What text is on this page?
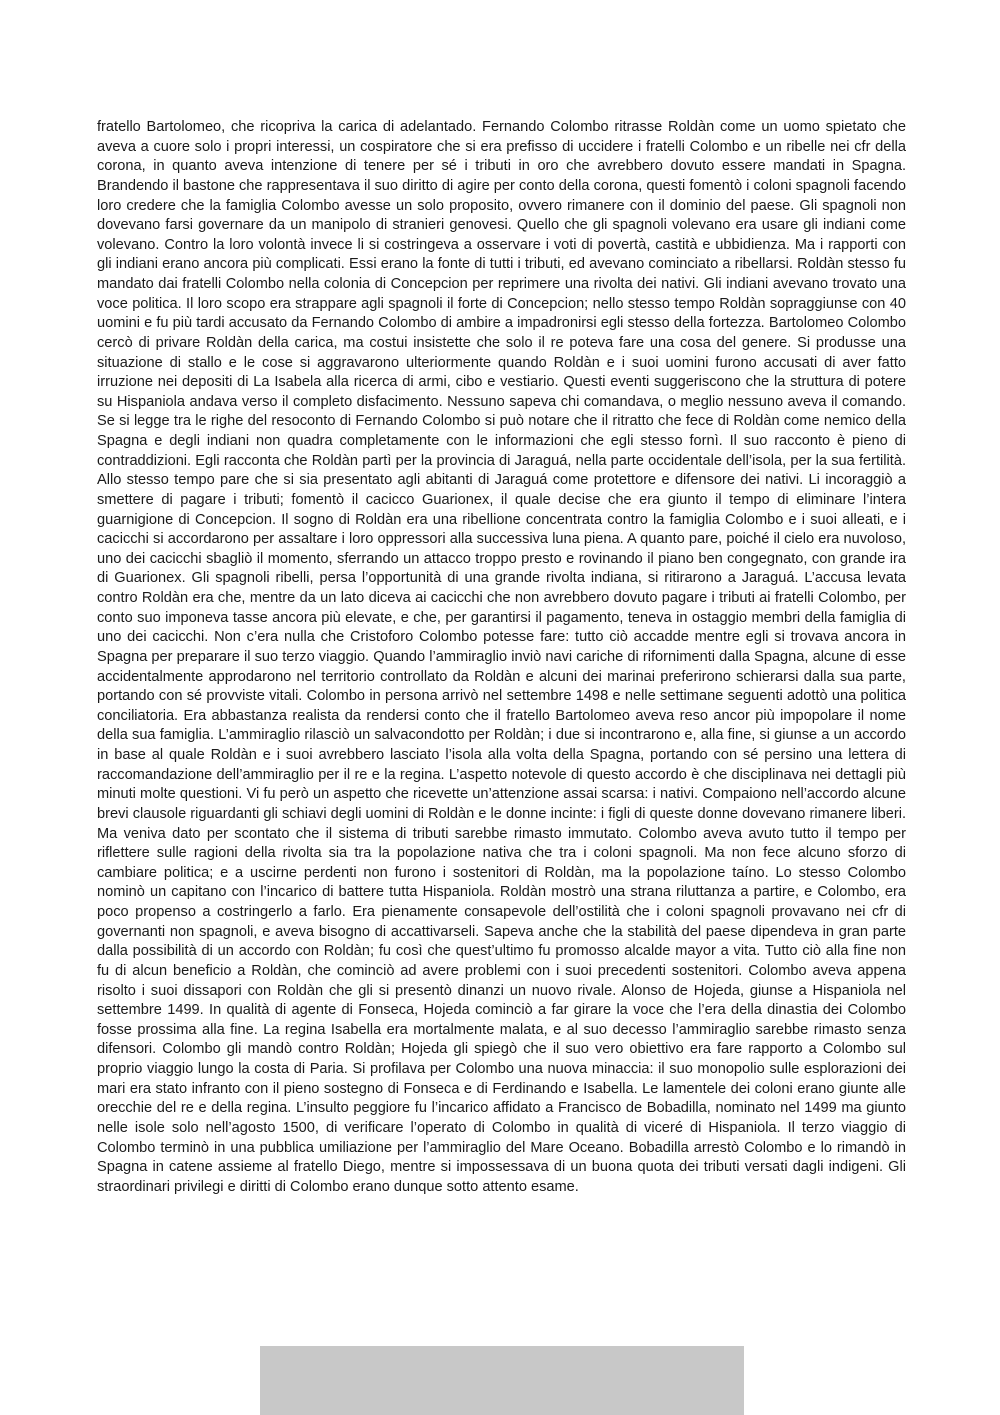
fratello Bartolomeo, che ricopriva la carica di adelantado. Fernando Colombo ritrasse Roldàn come un uomo spietato che aveva a cuore solo i propri interessi, un cospiratore che si era prefisso di uccidere i fratelli Colombo e un ribelle nei cfr della corona, in quanto aveva intenzione di tenere per sé i tributi in oro che avrebbero dovuto essere mandati in Spagna. Brandendo il bastone che rappresentava il suo diritto di agire per conto della corona, questi fomentò i coloni spagnoli facendo loro credere che la famiglia Colombo avesse un solo proposito, ovvero rimanere con il dominio del paese. Gli spagnoli non dovevano farsi governare da un manipolo di stranieri genovesi. Quello che gli spagnoli volevano era usare gli indiani come volevano. Contro la loro volontà invece li si costringeva a osservare i voti di povertà, castità e ubbidienza. Ma i rapporti con gli indiani erano ancora più complicati. Essi erano la fonte di tutti i tributi, ed avevano cominciato a ribellarsi. Roldàn stesso fu mandato dai fratelli Colombo nella colonia di Concepcion per reprimere una rivolta dei nativi. Gli indiani avevano trovato una voce politica. Il loro scopo era strappare agli spagnoli il forte di Concepcion; nello stesso tempo Roldàn sopraggiunse con 40 uomini e fu più tardi accusato da Fernando Colombo di ambire a impadronirsi egli stesso della fortezza. Bartolomeo Colombo cercò di privare Roldàn della carica, ma costui insistette che solo il re poteva fare una cosa del genere. Si produsse una situazione di stallo e le cose si aggravarono ulteriormente quando Roldàn e i suoi uomini furono accusati di aver fatto irruzione nei depositi di La Isabela alla ricerca di armi, cibo e vestiario. Questi eventi suggeriscono che la struttura di potere su Hispaniola andava verso il completo disfacimento. Nessuno sapeva chi comandava, o meglio nessuno aveva il comando. Se si legge tra le righe del resoconto di Fernando Colombo si può notare che il ritratto che fece di Roldàn come nemico della Spagna e degli indiani non quadra completamente con le informazioni che egli stesso fornì. Il suo racconto è pieno di contraddizioni. Egli racconta che Roldàn partì per la provincia di Jaraguá, nella parte occidentale dell’isola, per la sua fertilità. Allo stesso tempo pare che si sia presentato agli abitanti di Jaraguá come protettore e difensore dei nativi. Li incoraggiò a smettere di pagare i tributi; fomentò il cacicco Guarionex, il quale decise che era giunto il tempo di eliminare l’intera guarnigione di Concepcion. Il sogno di Roldàn era una ribellione concentrata contro la famiglia Colombo e i suoi alleati, e i cacicchi si accordarono per assaltare i loro oppressori alla successiva luna piena. A quanto pare, poiché il cielo era nuvoloso, uno dei cacicchi sbagliò il momento, sferrando un attacco troppo presto e rovinando il piano ben congegnato, con grande ira di Guarionex. Gli spagnoli ribelli, persa l’opportunità di una grande rivolta indiana, si ritirarono a Jaraguá. L’accusa levata contro Roldàn era che, mentre da un lato diceva ai cacicchi che non avrebbero dovuto pagare i tributi ai fratelli Colombo, per conto suo imponeva tasse ancora più elevate, e che, per garantirsi il pagamento, teneva in ostaggio membri della famiglia di uno dei cacicchi. Non c’era nulla che Cristoforo Colombo potesse fare: tutto ciò accadde mentre egli si trovava ancora in Spagna per preparare il suo terzo viaggio. Quando l’ammiraglio inviò navi cariche di rifornimenti dalla Spagna, alcune di esse accidentalmente approdarono nel territorio controllato da Roldàn e alcuni dei marinai preferirono schierarsi dalla sua parte, portando con sé provviste vitali. Colombo in persona arrivò nel settembre 1498 e nelle settimane seguenti adottò una politica conciliatoria. Era abbastanza realista da rendersi conto che il fratello Bartolomeo aveva reso ancor più impopolare il nome della sua famiglia. L’ammiraglio rilasciò un salvacondotto per Roldàn; i due si incontrarono e, alla fine, si giunse a un accordo in base al quale Roldàn e i suoi avrebbero lasciato l’isola alla volta della Spagna, portando con sé persino una lettera di raccomandazione dell’ammiraglio per il re e la regina. L’aspetto notevole di questo accordo è che disciplinava nei dettagli più minuti molte questioni. Vi fu però un aspetto che ricevette un’attenzione assai scarsa: i nativi. Compaiono nell’accordo alcune brevi clausole riguardanti gli schiavi degli uomini di Roldàn e le donne incinte: i figli di queste donne dovevano rimanere liberi. Ma veniva dato per scontato che il sistema di tributi sarebbe rimasto immutato. Colombo aveva avuto tutto il tempo per riflettere sulle ragioni della rivolta sia tra la popolazione nativa che tra i coloni spagnoli. Ma non fece alcuno sforzo di cambiare politica; e a uscirne perdenti non furono i sostenitori di Roldàn, ma la popolazione taíno. Lo stesso Colombo nominò un capitano con l’incarico di battere tutta Hispaniola. Roldàn mostrò una strana riluttanza a partire, e Colombo, era poco propenso a costringerlo a farlo. Era pienamente consapevole dell’ostilità che i coloni spagnoli provavano nei cfr di governanti non spagnoli, e aveva bisogno di accattivarseli. Sapeva anche che la stabilità del paese dipendeva in gran parte dalla possibilità di un accordo con Roldàn; fu così che quest’ultimo fu promosso alcalde mayor a vita. Tutto ciò alla fine non fu di alcun beneficio a Roldàn, che cominciò ad avere problemi con i suoi precedenti sostenitori. Colombo aveva appena risolto i suoi dissapori con Roldàn che gli si presentò dinanzi un nuovo rivale. Alonso de Hojeda, giunse a Hispaniola nel settembre 1499. In qualità di agente di Fonseca, Hojeda cominciò a far girare la voce che l’era della dinastia dei Colombo fosse prossima alla fine. La regina Isabella era mortalmente malata, e al suo decesso l’ammiraglio sarebbe rimasto senza difensori. Colombo gli mandò contro Roldàn; Hojeda gli spiegò che il suo vero obiettivo era fare rapporto a Colombo sul proprio viaggio lungo la costa di Paria. Si profilava per Colombo una nuova minaccia: il suo monopolio sulle esplorazioni dei mari era stato infranto con il pieno sostegno di Fonseca e di Ferdinando e Isabella. Le lamentele dei coloni erano giunte alle orecchie del re e della regina. L’insulto peggiore fu l’incarico affidato a Francisco de Bobadilla, nominato nel 1499 ma giunto nelle isole solo nell’agosto 1500, di verificare l’operato di Colombo in qualità di viceré di Hispaniola. Il terzo viaggio di Colombo terminò in una pubblica umiliazione per l’ammiraglio del Mare Oceano. Bobadilla arrestò Colombo e lo rimandò in Spagna in catene assieme al fratello Diego, mentre si impossessava di un buona quota dei tributi versati dagli indigeni. Gli straordinari privilegi e diritti di Colombo erano dunque sotto attento esame.
